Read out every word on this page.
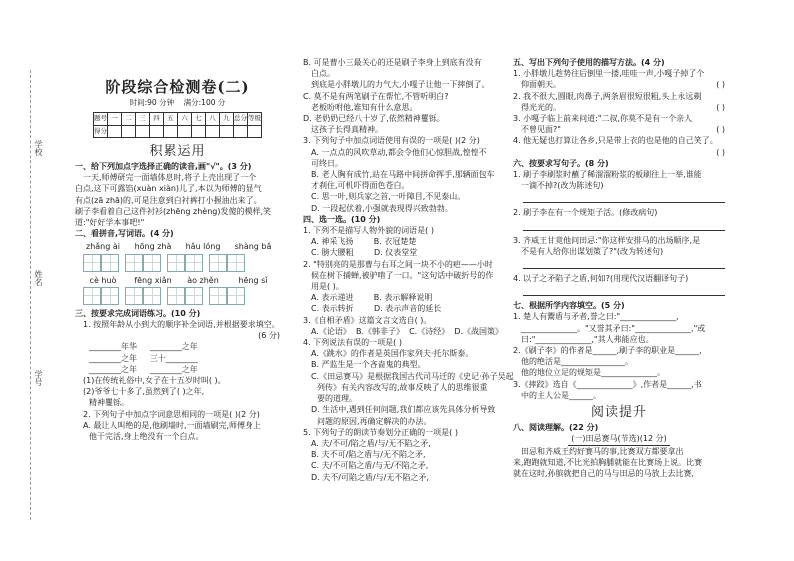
学校
姓名
学号
阶段综合检测卷(二)
时间:90 分钟 满分:100 分
题号	一	二	三	四	五	六	七	八	九	总分	等级
得分											
积累运用

一、给下列加点字选择正确的读音,画"√"。(3 分)

一天,师傅研完一面墙体息时,将子上壳出现了一个

白点,这下可露馅(xuàn xiàn)儿了,本以为师傅的显气

有点(zā zhā)的,可是注意到白衬裤打小握油出来了。

刷子李看着自己这件衬衫(zhēng zhèng)发傻的模样,笑

道:"好好学本事吧!"

二、看拼音,写词语。(4 分)

zhǎng ài	hōng zhà	hǎu lóng	shàng bǎ
cè huò	fēng xiǎn	ào zhěn	hēng sǐ

三、按要求完成词语练习。(10 分)

1. 按照年龄从小到大的顺序补全词语,并根据要求填空。

(6 分)

________年华 ________之年

________之年 三十________

________之年 ________之年

(1)在传统礼俗中,女子在十五岁时叫( )。

(2)爷爷七十多了,虽然到了( )之年,

精神矍铄。

2. 下列句子中加点字词意思相同的一项是( )(2 分)

A. 最让人叫绝的是,他刷墙时,一面墙刷完,师傅身上

他干完活,身上绝没有一个白点。

B. 可是曹小三最关心的还是刷子李身上到底有没有

白点。

到底是小胖墩儿的力气大,小嘎子让他一下摔倒了。

C. 莫不是有两笔刷子在帮忙,不管听明白?

老板吩咐他,谁知有什么意思。

D. 老奶奶已经八十岁了,依然精神矍铄。

这孩子长得真精神。

3. 下列句子中加点词语使用有误的一项是( )(2 分)

A. 一点点的风吹草动,都会令他们心惊胆战,惶惶不

可终日。

B. 老人胸有成竹,站在马路中间拼命挥手,那辆面包车

才刹住,可机吓得面色苍白。

C. 思一叶,则兵家之首,一叶障目,不见泰山。

D. 一段起伏着,小强就表现得兴致勃勃。

四、选一选。(10 分)

1. 下列不是描写人物外貌的词语是( )

A. 神采飞扬	B. 衣冠楚楚

C. 膀大腰粗	D. 仪表堂堂

2. "特别亮的是那曹与右耳之间一块不小的疤——小时

候在树下捕蝉,被驴啃了一口。"这句话中破折号的作

用是( )。

A. 表示递进	B. 表示解释说明

C. 表示转折	D. 表示声音的延长

3.《自相矛盾》这篇文言文选自( )。

A.《论语》 B.《韩非子》 C.《诗经》 D.《战国策》

4. 下列说法有误的一项是( )

A.《跳水》的作者是英国作家列夫·托尔斯泰。

B. 严监生是一个吝啬鬼的典型。

C.《田忌赛马》是根据我国古代司马迁的《史记·孙子吴起

列传》有关内容改写的,故事反映了人的思维很重

要的道理。

D. 生活中,遇到任何问题,我们都应该先具体分析导致

问题的原因,再确定解决的办法。

5. 下列句子的朗读节奏划分正确的一项是( )

A. 夫/不可/陷之盾/与/无不陷之矛,

B. 夫不可/陷之盾与/无不陷之矛,

C. 夫/不可陷之盾/与无/不陷之矛,

D. 夫不/可陷之盾/与/无不陷之矛,

五、写出下列句子使用的描写方法。(4 分)

1. 小胖墩儿趁势往后倒里一搂,哇哇一声,小嘎子掉了个

仰面朝天。	( )

2. 我不很大,圆眼,肉鼻子,两条眉很短很粗,头上永远剃

得光光的。	( )

3. 小嘎子临上前来问道:"二叔,你莫不是有一个亲人

不曾见面?"	( )

4. 他无疑也打算让各乡,只是带上衣的也是他的自己笑了。

( )

六、按要求写句子。(8 分)

1. 刷子李刷浆时蘸了稀溜溜粉浆的板刷往上一举,谁能

一滴不掉?(改为陈述句)

2. 刷子李在有一个规矩子活。(修改病句)

3. 齐威王甘竟他问田忌:"你这样安排马的出场顺序,是

不是有人给你出谋划策了?"(改为转述句)

4. 以子之矛陷子之盾,何如?(用现代汉语翻译句子)

七、根据所学内容填空。(5 分)

1. 楚人有鬻盾与矛者,誉之曰:"______________,

______________。"又誉其矛曰:"______________,"或

曰:"______________,"其人弗能应也。

2.《刷子李》的作者是______,刷子李的职业是______,

他的绝活是________________。

他的地位立足的规矩是______________。

3.《摔跤》选自《______________》,作者是______,书

中的主人公是______。

阅读提升

八、阅读理解。(22 分)

(一)田忌赛马(节选)(12 分)

田忌和齐威王约好赛马的事,比赛双方都要拿出

来,跑跑就知道,不比光拍胸脯就能在比赛场上说。比赛

就在这时,孙膑就把自己的马与田忌的马放上去比赛,
